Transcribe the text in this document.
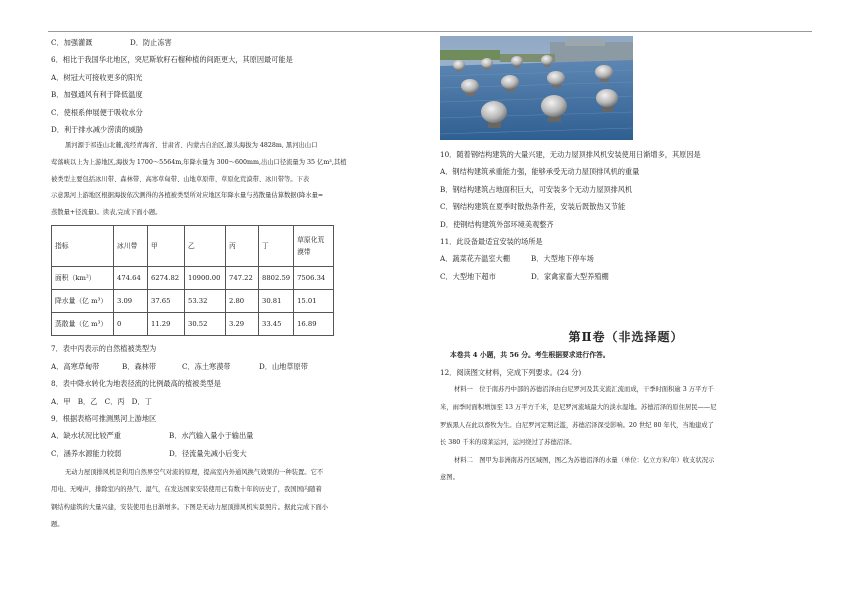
C．加强灌溉	D．防止冻害
6．相比于我国华北地区，突尼斯软籽石榴种植的间距更大，其原因最可能是
A．树冠大可接收更多的阳光
B．加强通风有利于降低温度
C．使根系伸展便于吸收水分
D．利于排水减少涝渍的威胁
黑河源于祁连山北麓,流经青海省、甘肃省、内蒙古自治区,源头海拔为 4828m, 黑河出山口
莺落峡以上为上游地区,海拔为 1700～5564m,年降水量为 300～600mm,出山口径流量为 35 亿m³,其植
被类型主要包括冰川带、森林带、高寒草甸带、山地草原带、草原化荒漠带、冰川带等。下表
示意黑河上游地区根据海拔依次测得的各植被类型所对应地区年降水量与蒸散量估算数据(降水量=
蒸散量+径流量)。读表,完成下面小题。
指标	冰川带	甲	乙	丙	丁	草原化荒漠带
面积（km²）	474.64	6274.82	10900.00	747.22	8802.59	7506.34
降水量（亿 m³）	3.09	37.65	53.32	2.80	30.81	15.01
蒸散量（亿 m³）	0	11.29	30.52	3.29	33.45	16.89
7．表中丙表示的自然植被类型为
A．高寒草甸带	B．森林带	C．冻土寒漠带	D．山地草原带
8．表中降水转化为地表径流的比例最高的植被类型是
A．甲　B．乙　C．丙　D．丁
9．根据表格可推测黑河上游地区
A．缺水状况比较严重	B．水汽输入量小于输出量
C．涵养水源能力较弱	D．径流量先减小后变大
无动力屋顶排风机是利用自然界空气对流的原理，提高室内外通风换气效果的一种装置。它不
用电、无噪声，排除室内的热气、湿气，在发达国家安装使用已有数十年的历史了，我国国内随着
钢结构建筑的大量兴建，安装使用也日渐增多。下图是无动力屋顶排风机实景照片。据此完成下面小
题。
10．随着钢结构建筑的大量兴建，无动力屋顶排风机安装使用日渐增多，其原因是
A．钢结构建筑承重能力强，能够承受无动力屋顶排风机的重量
B．钢结构建筑占地面积巨大，可安装多个无动力屋顶排风机
C．钢结构建筑在夏季时散热条件差，安装后既散热又节能
D．使钢结构建筑外部环境美观整齐
11．此设备最适宜安装的场所是
A．蔬菜花卉温室大棚	B．大型地下停车场
C．大型地下超市	D．家禽家畜大型养殖棚
第Ⅱ卷（非选择题）
本卷共 4 小题，共 56 分。考生根据要求进行作答。
12．阅读图文材料，完成下列要求。(24 分)
材料一　位于南苏丹中部的苏德沼泽由白尼罗河及其支流汇流而成，干季时面积逾 3 万平方千
米，雨季时面积增加至 13 万平方千米，是尼罗河流域最大的淡水湿地。苏德沼泽的原住居民——尼
罗族黑人在此以畜牧为生。白尼罗河定期泛滥，苏德沼泽深受影响。20 世纪 80 年代，当地建成了
长 380 千米的琼莱运河，运河绕过了苏德沼泽。
材料二　图甲为非洲南苏丹区域图，图乙为苏德沼泽的水量（单位：亿立方米/年）收支状况示
意图。
